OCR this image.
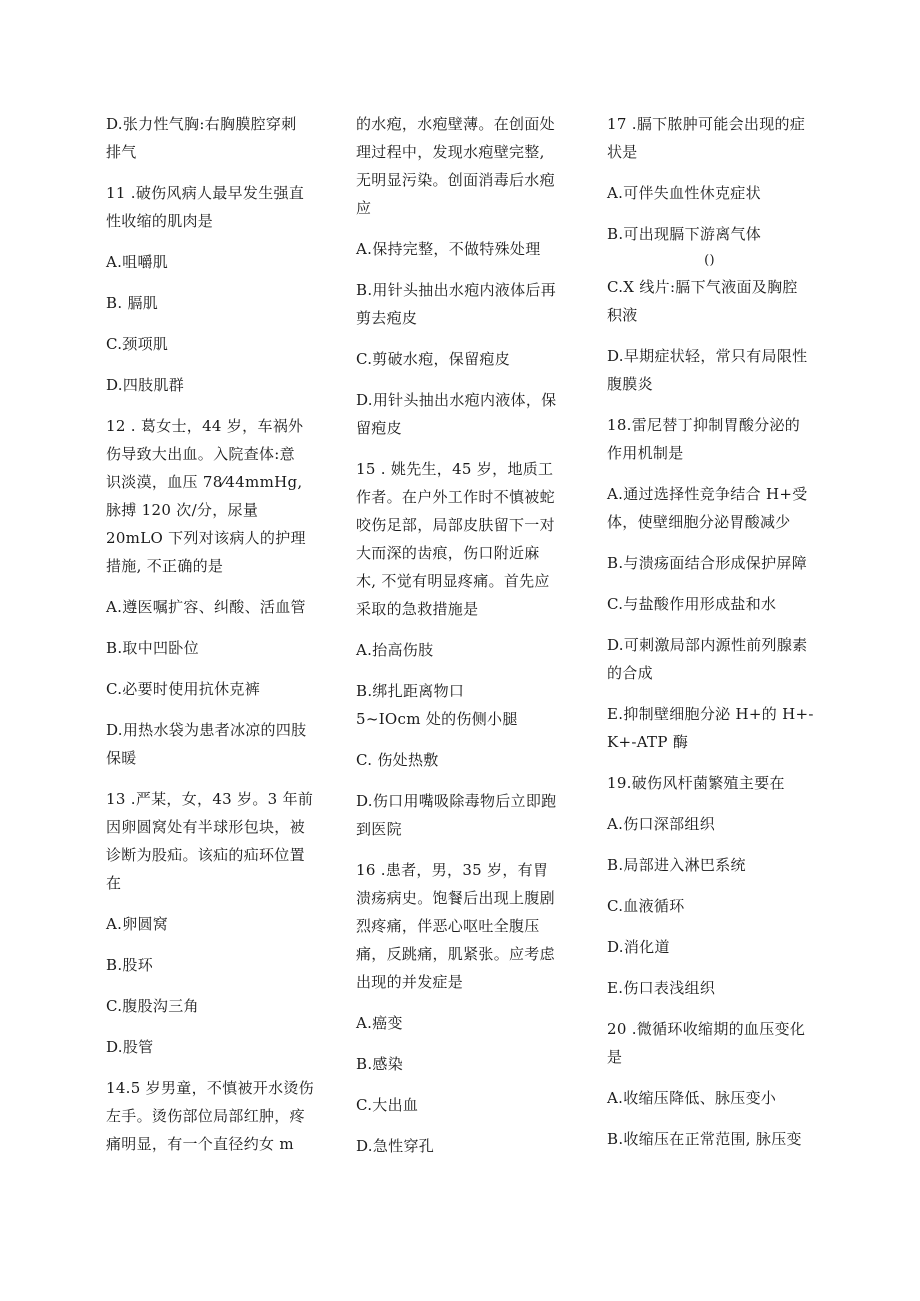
D.张力性气胸:右胸膜腔穿刺
排气

11 .破伤风病人最早发生强直
性收缩的肌肉是

A.咀嚼肌

B. 膈肌

C.颈项肌

D.四肢肌群

12 . 葛女士，44 岁，车祸外
伤导致大出血。入院查体:意
识淡漠，血压 78⁄44mmHg,
脉搏 120 次/分，尿量
20mLO 下列对该病人的护理
措施, 不正确的是

A.遵医嘱扩容、纠酸、活血管

B.取中凹卧位

C.必要时使用抗休克裤

D.用热水袋为患者冰凉的四肢
保暖

13 .严某，女，43 岁。3 年前
因卵圆窝处有半球形包块，被
诊断为股疝。该疝的疝环位置
在

A.卵圆窝

B.股环

C.腹股沟三角

D.股管

14.5 岁男童，不慎被开水烫伤
左手。烫伤部位局部红肿，疼
痛明显，有一个直径约女 m

的水疱，水疱壁薄。在创面处
理过程中，发现水疱壁完整,
无明显污染。创面消毒后水疱
应

A.保持完整，不做特殊处理

B.用针头抽出水疱内液体后再
剪去疱皮

C.剪破水疱，保留疱皮

D.用针头抽出水疱内液体，保
留疱皮

15 . 姚先生，45 岁，地质工
作者。在户外工作时不慎被蛇
咬伤足部，局部皮肤留下一对
大而深的齿痕，伤口附近麻
木, 不觉有明显疼痛。首先应
采取的急救措施是

A.抬高伤肢

B.绑扎距离物口
5~IOcm 处的伤侧小腿

C. 伤处热敷

D.伤口用嘴吸除毒物后立即跑
到医院

16 .患者，男，35 岁，有胃
溃疡病史。饱餐后出现上腹剧
烈疼痛，伴恶心呕吐全腹压
痛，反跳痛，肌紧张。应考虑
出现的并发症是

A.癌变

B.感染

C.大出血

D.急性穿孔

17 .膈下脓肿可能会出现的症
状是

A.可伴失血性休克症状

B.可出现膈下游离气体

()

C.X 线片:膈下气液面及胸腔
积液

D.早期症状轻，常只有局限性
腹膜炎

18.雷尼替丁抑制胃酸分泌的
作用机制是

A.通过选择性竞争结合 H+受
体，使壁细胞分泌胃酸减少

B.与溃疡面结合形成保护屏障

C.与盐酸作用形成盐和水

D.可刺激局部内源性前列腺素
的合成

E.抑制壁细胞分泌 H+的 H+-
K+-ATP 酶

19.破伤风杆菌繁殖主要在

A.伤口深部组织

B.局部进入淋巴系统

C.血液循环

D.消化道

E.伤口表浅组织

20 .微循环收缩期的血压变化
是

A.收缩压降低、脉压变小

B.收缩压在正常范围, 脉压变
